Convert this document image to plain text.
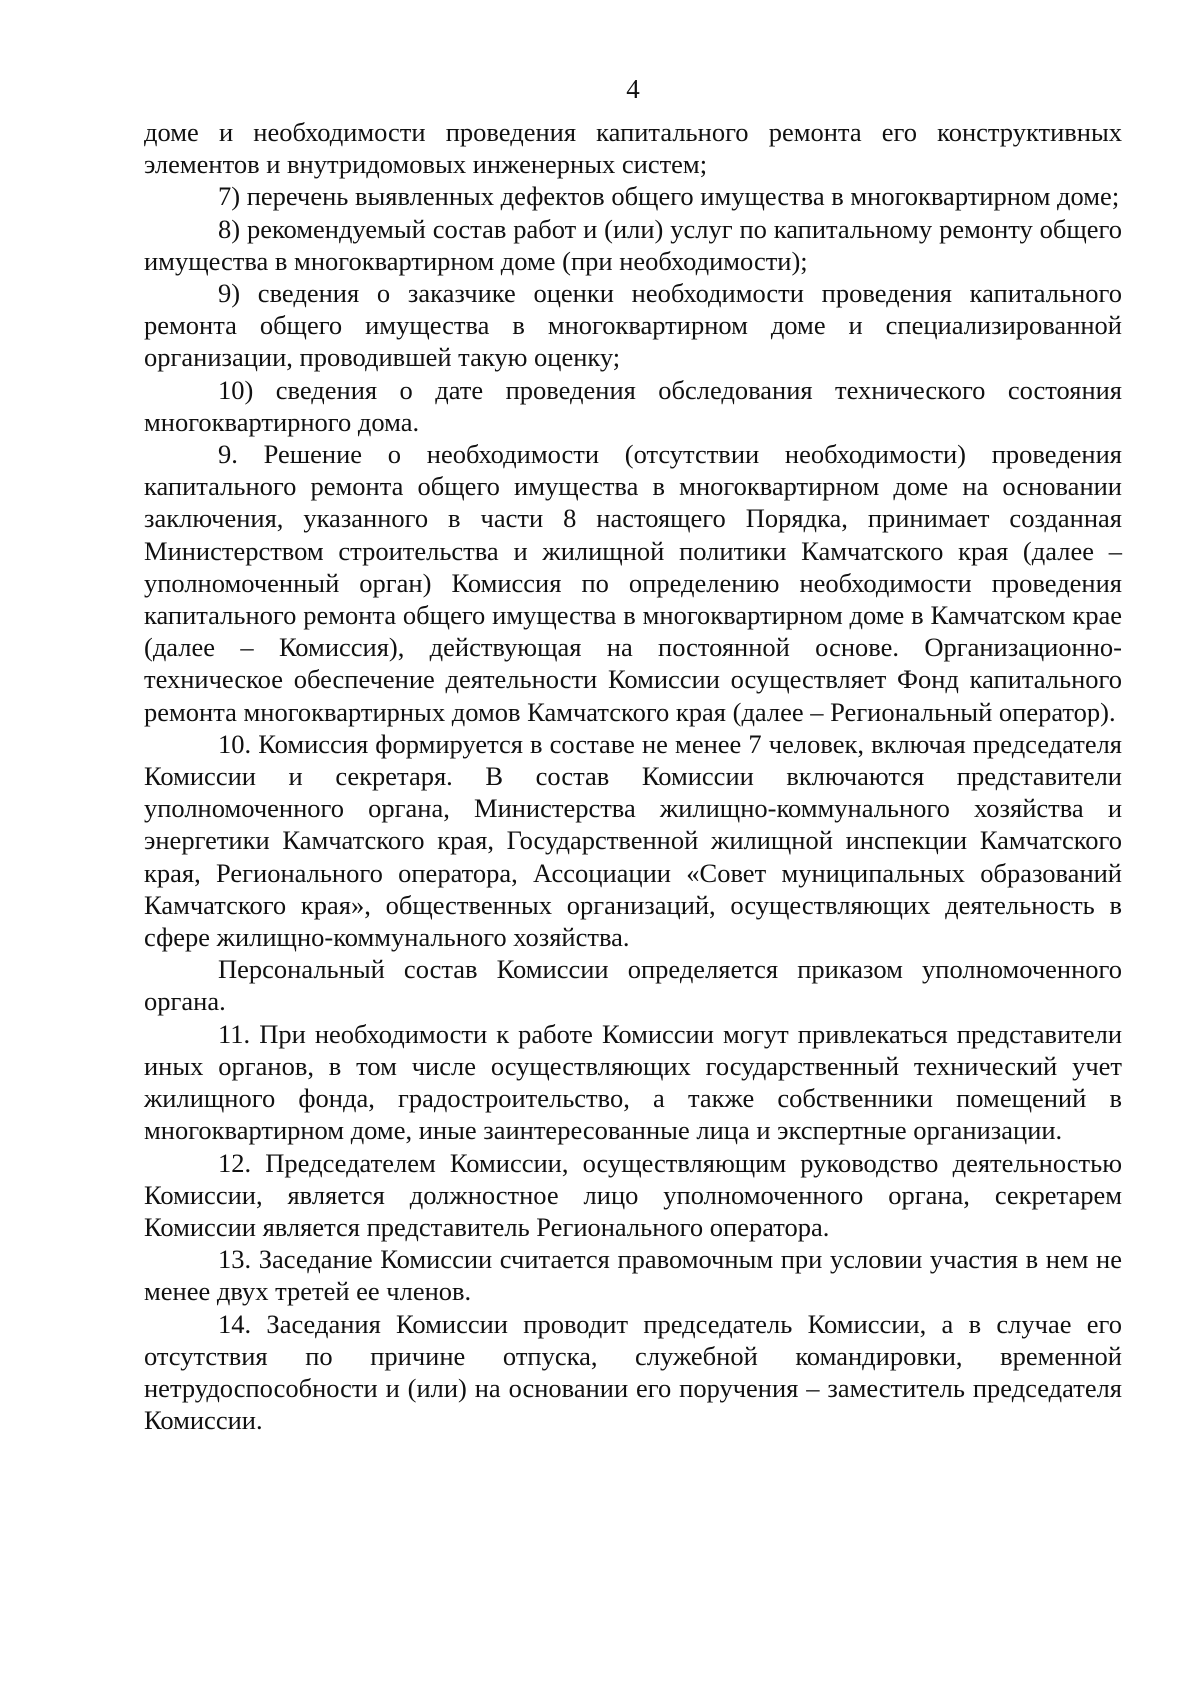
4

доме и необходимости проведения капитального ремонта его конструктивных элементов и внутридомовых инженерных систем;

7) перечень выявленных дефектов общего имущества в многоквартирном доме;

8) рекомендуемый состав работ и (или) услуг по капитальному ремонту общего имущества в многоквартирном доме (при необходимости);

9) сведения о заказчике оценки необходимости проведения капитального ремонта общего имущества в многоквартирном доме и специализированной организации, проводившей такую оценку;

10) сведения о дате проведения обследования технического состояния многоквартирного дома.

9. Решение о необходимости (отсутствии необходимости) проведения капитального ремонта общего имущества в многоквартирном доме на основании заключения, указанного в части 8 настоящего Порядка, принимает созданная Министерством строительства и жилищной политики Камчатского края (далее – уполномоченный орган) Комиссия по определению необходимости проведения капитального ремонта общего имущества в многоквартирном доме в Камчатском крае (далее – Комиссия), действующая на постоянной основе. Организационно-техническое обеспечение деятельности Комиссии осуществляет Фонд капитального ремонта многоквартирных домов Камчатского края (далее – Региональный оператор).

10. Комиссия формируется в составе не менее 7 человек, включая председателя Комиссии и секретаря. В состав Комиссии включаются представители уполномоченного органа, Министерства жилищно-коммунального хозяйства и энергетики Камчатского края, Государственной жилищной инспекции Камчатского края, Регионального оператора, Ассоциации «Совет муниципальных образований Камчатского края», общественных организаций, осуществляющих деятельность в сфере жилищно-коммунального хозяйства.

Персональный состав Комиссии определяется приказом уполномоченного органа.

11. При необходимости к работе Комиссии могут привлекаться представители иных органов, в том числе осуществляющих государственный технический учет жилищного фонда, градостроительство, а также собственники помещений в многоквартирном доме, иные заинтересованные лица и экспертные организации.

12. Председателем Комиссии, осуществляющим руководство деятельностью Комиссии, является должностное лицо уполномоченного органа, секретарем Комиссии является представитель Регионального оператора.

13. Заседание Комиссии считается правомочным при условии участия в нем не менее двух третей ее членов.

14. Заседания Комиссии проводит председатель Комиссии, а в случае его отсутствия по причине отпуска, служебной командировки, временной нетрудоспособности и (или) на основании его поручения – заместитель председателя Комиссии.
